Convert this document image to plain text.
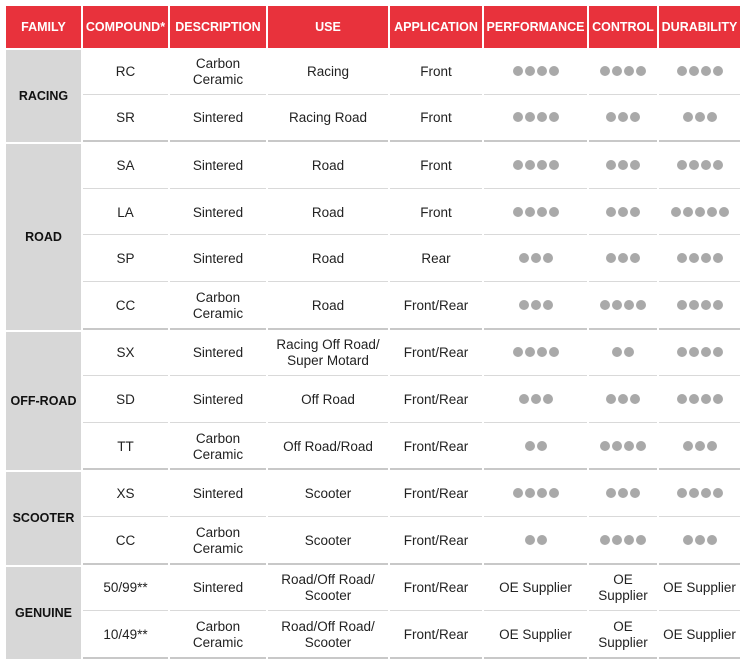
FAMILY	COMPOUND*	DESCRIPTION	USE	APPLICATION	PERFORMANCE	CONTROL	DURABILITY
RACING	RC	Carbon Ceramic	Racing	Front	

	SR	Sintered	Racing Road	Front	

ROAD	SA	Sintered	Road	Front	

	LA	Sintered	Road	Front	

	SP	Sintered	Road	Rear	

	CC	Carbon Ceramic	Road	Front/Rear	

OFF-ROAD	SX	Sintered	Racing Off Road/ Super Motard	Front/Rear	

	SD	Sintered	Off Road	Front/Rear	

	TT	Carbon Ceramic	Off Road/Road	Front/Rear	

SCOOTER	XS	Sintered	Scooter	Front/Rear	

	CC	Carbon Ceramic	Scooter	Front/Rear	

GENUINE	50/99**	Sintered	Road/Off Road/ Scooter	Front/Rear	OE Supplier	OE Supplier	OE Supplier
	10/49**	Carbon Ceramic	Road/Off Road/ Scooter	Front/Rear	OE Supplier	OE Supplier	OE Supplier
